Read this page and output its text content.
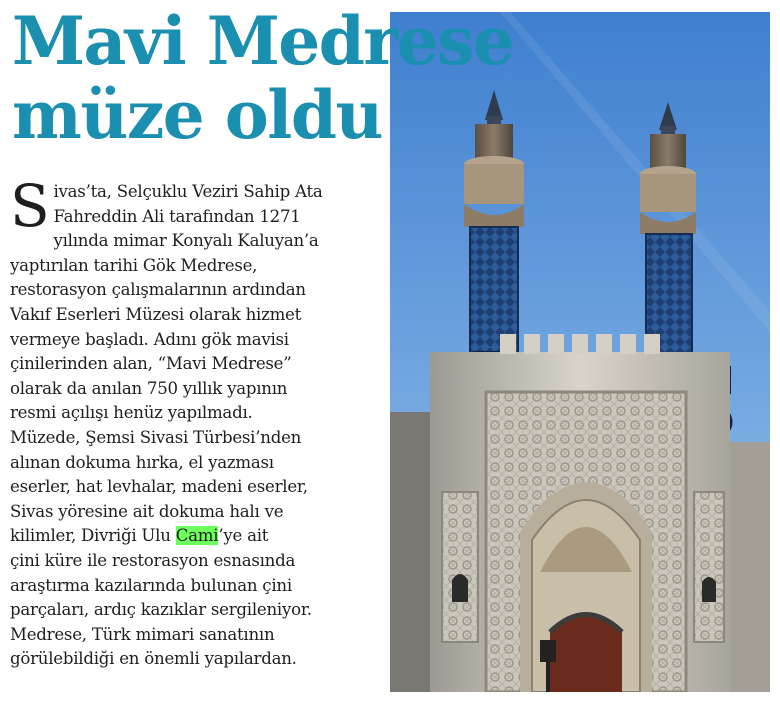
Mavi Medrese
müze oldu
S ivas’ta, Selçuklu Veziri Sahip Ata
Fahreddin Ali tarafından 1271
yılında mimar Konyalı Kaluyan’a
yaptırılan tarihi Gök Medrese,
restorasyon çalışmalarının ardından
Vakıf Eserleri Müzesi olarak hizmet
vermeye başladı. Adını gök mavisi
çinilerinden alan, “Mavi Medrese”
olarak da anılan 750 yıllık yapının
resmi açılışı henüz yapılmadı.
Müzede, Şemsi Sivasi Türbesi’nden
alınan dokuma hırka, el yazması
eserler, hat levhalar, madeni eserler,
Sivas yöresine ait dokuma halı ve
kilimler, Divriği Ulu Cami’ye ait
çini küre ile restorasyon esnasında
araştırma kazılarında bulunan çini
parçaları, ardıç kazıklar sergileniyor.
Medrese, Türk mimari sanatının
görülebildiği en önemli yapılardan.
